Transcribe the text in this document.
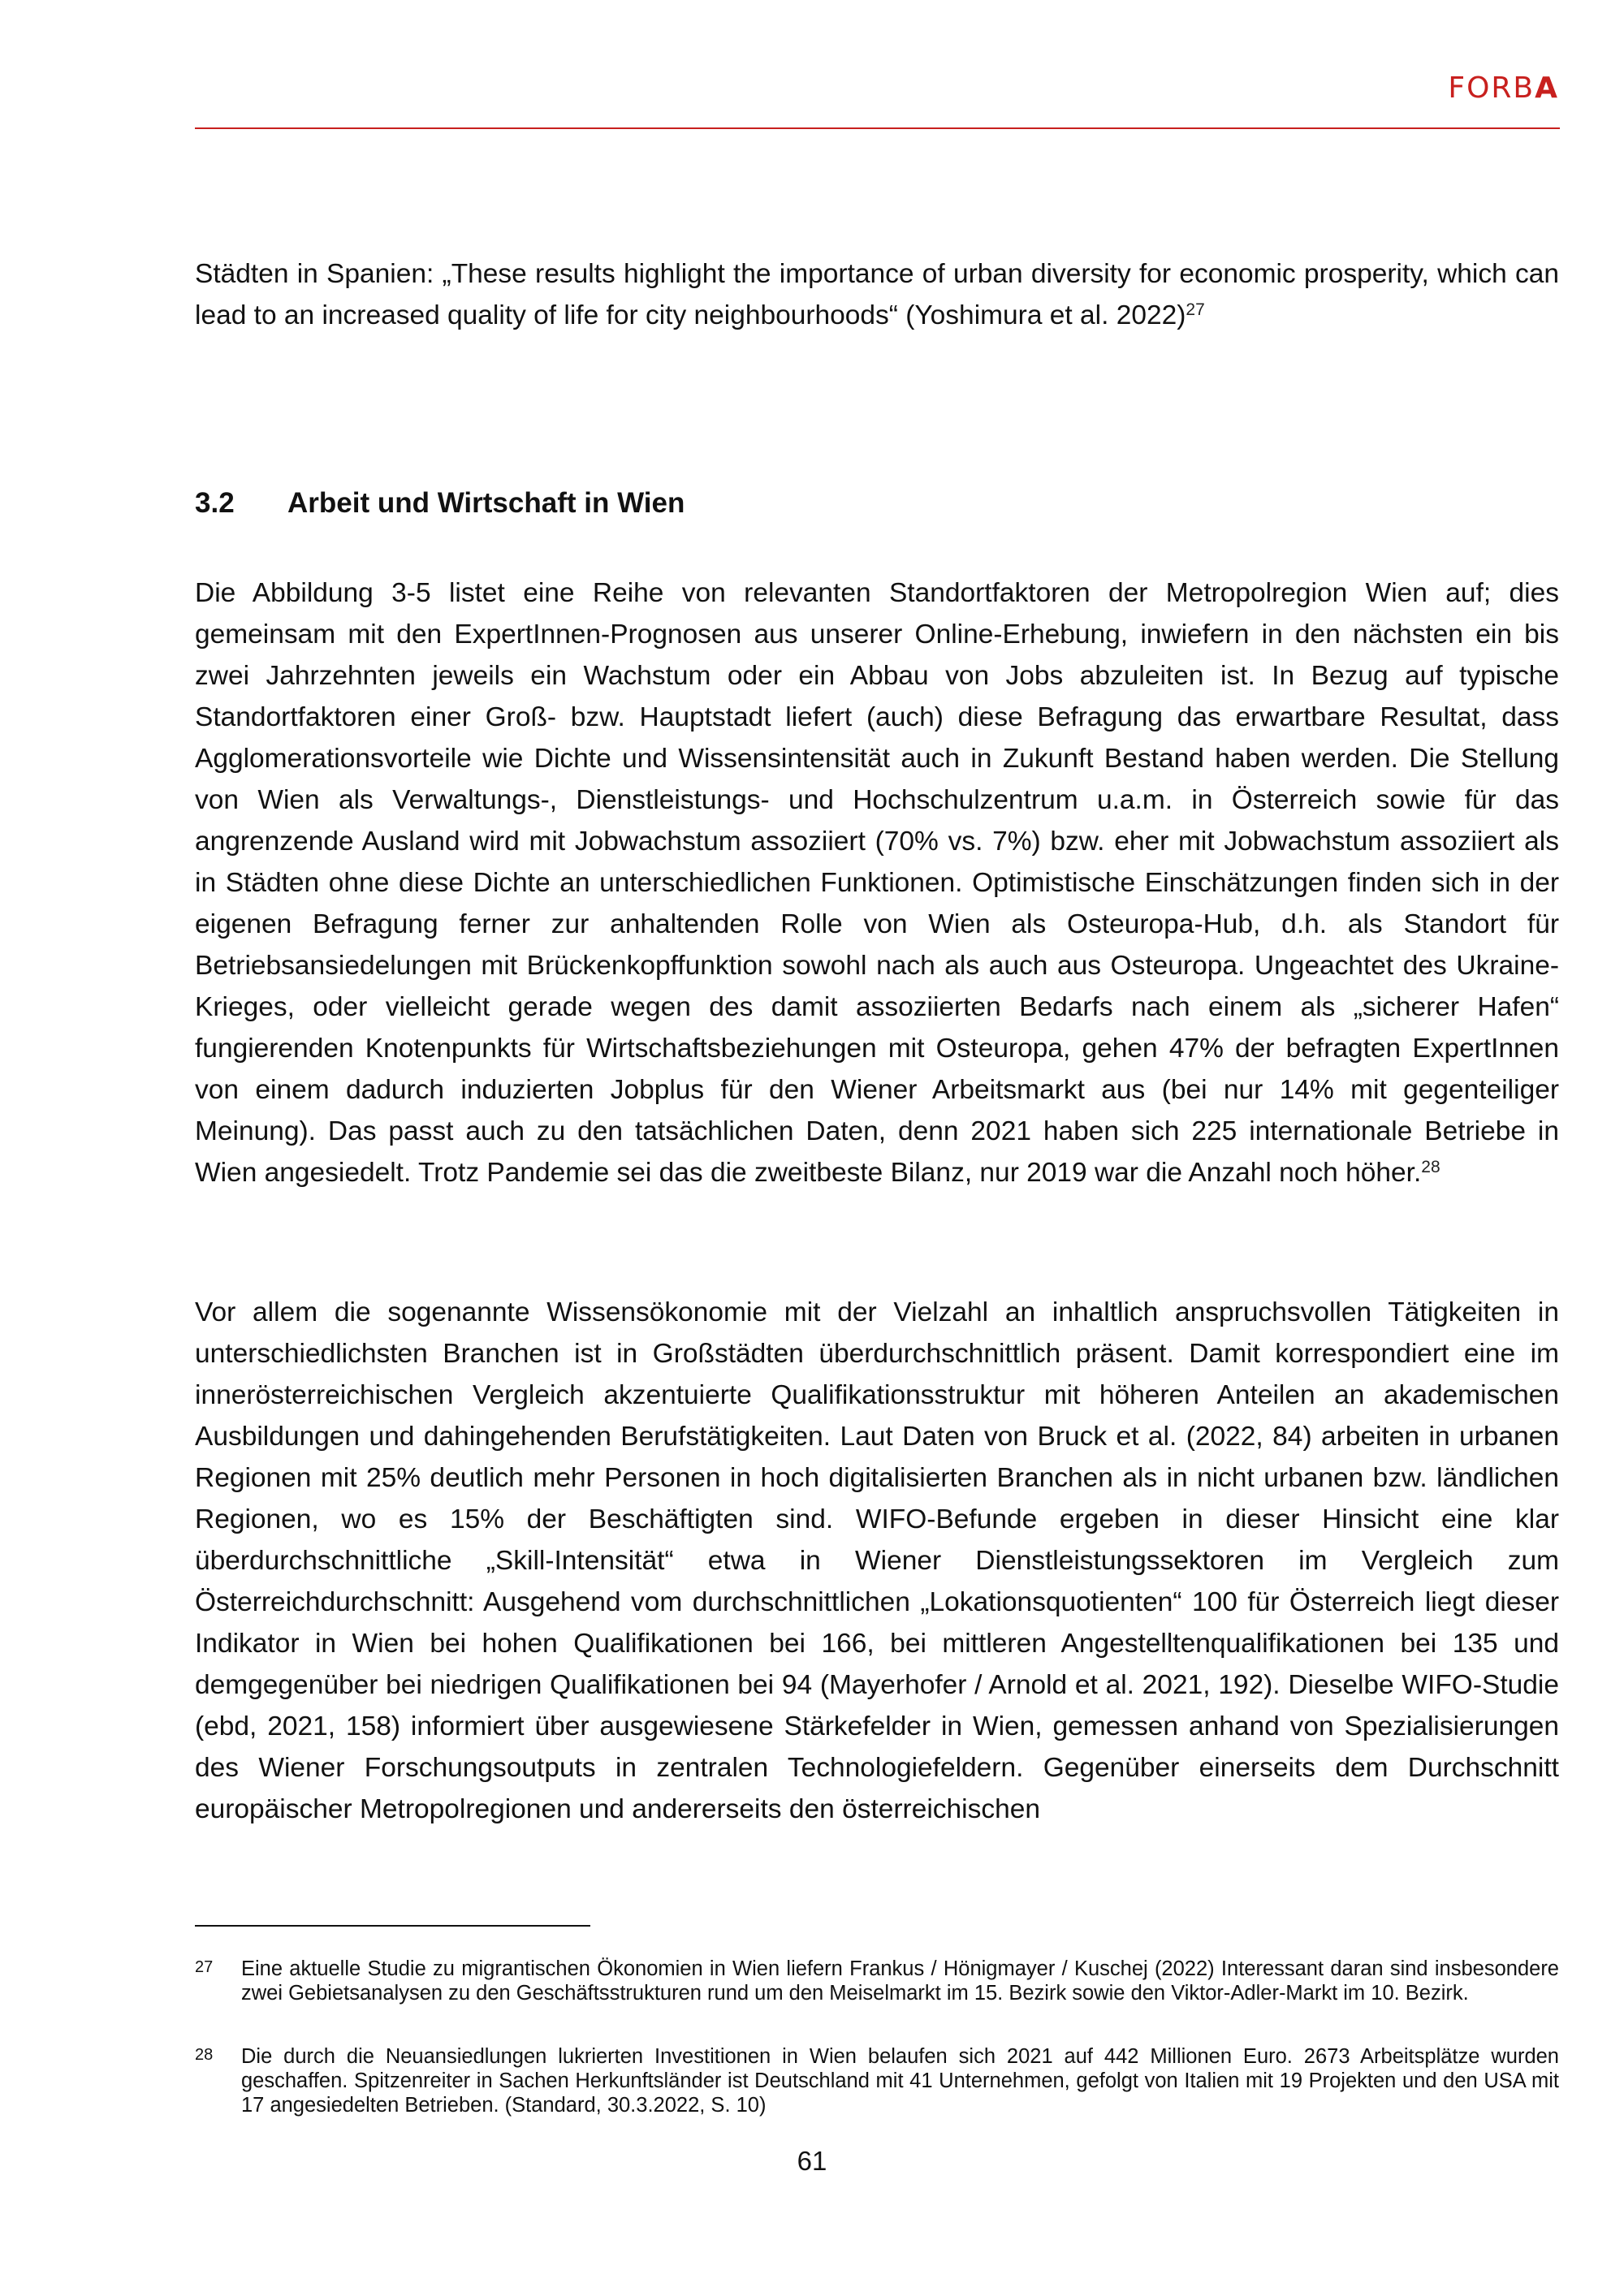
FORBA

Städten in Spanien: „These results highlight the importance of urban diversity for economic prosperity, which can lead to an increased quality of life for city neighbourhoods“ (Yoshimura et al. 2022)$^{27}$

3.2 Arbeit und Wirtschaft in Wien

Die Abbildung 3-5 listet eine Reihe von relevanten Standortfaktoren der Metropolregion Wien auf; dies gemeinsam mit den ExpertInnen-Prognosen aus unserer Online-Erhebung, inwiefern in den nächsten ein bis zwei Jahrzehnten jeweils ein Wachstum oder ein Abbau von Jobs abzuleiten ist. In Bezug auf typische Standortfaktoren einer Groß- bzw. Hauptstadt liefert (auch) diese Befragung das erwartbare Resultat, dass Agglomerationsvorteile wie Dichte und Wissensintensität auch in Zukunft Bestand haben werden. Die Stellung von Wien als Verwaltungs-, Dienstleistungs- und Hochschulzentrum u.a.m. in Österreich sowie für das angrenzende Ausland wird mit Jobwachstum assoziiert (70% vs. 7%) bzw. eher mit Jobwachstum assoziiert als in Städten ohne diese Dichte an unterschiedlichen Funktionen. Optimistische Einschätzungen finden sich in der eigenen Befragung ferner zur anhaltenden Rolle von Wien als Osteuropa-Hub, d.h. als Standort für Betriebsansiedelungen mit Brückenkopffunktion sowohl nach als auch aus Osteuropa. Ungeachtet des Ukraine-Krieges, oder vielleicht gerade wegen des damit assoziierten Bedarfs nach einem als „sicherer Hafen“ fungierenden Knotenpunkts für Wirtschaftsbeziehungen mit Osteuropa, gehen 47% der befragten ExpertInnen von einem dadurch induzierten Jobplus für den Wiener Arbeitsmarkt aus (bei nur 14% mit gegenteiliger Meinung). Das passt auch zu den tatsächlichen Daten, denn 2021 haben sich 225 internationale Betriebe in Wien angesiedelt. Trotz Pandemie sei das die zweitbeste Bilanz, nur 2019 war die Anzahl noch höher.$^{28}$

Vor allem die sogenannte Wissensökonomie mit der Vielzahl an inhaltlich anspruchsvollen Tätigkeiten in unterschiedlichsten Branchen ist in Großstädten überdurchschnittlich präsent. Damit korrespondiert eine im innerösterreichischen Vergleich akzentuierte Qualifikationsstruktur mit höheren Anteilen an akademischen Ausbildungen und dahingehenden Berufstätigkeiten. Laut Daten von Bruck et al. (2022, 84) arbeiten in urbanen Regionen mit 25% deutlich mehr Personen in hoch digitalisierten Branchen als in nicht urbanen bzw. ländlichen Regionen, wo es 15% der Beschäftigten sind. WIFO-Befunde ergeben in dieser Hinsicht eine klar überdurchschnittliche „Skill-Intensität“ etwa in Wiener Dienstleistungssektoren im Vergleich zum Österreichdurchschnitt: Ausgehend vom durchschnittlichen „Lokationsquotienten“ 100 für Österreich liegt dieser Indikator in Wien bei hohen Qualifikationen bei 166, bei mittleren Angestelltenqualifikationen bei 135 und demgegenüber bei niedrigen Qualifikationen bei 94 (Mayerhofer / Arnold et al. 2021, 192). Dieselbe WIFO-Studie (ebd, 2021, 158) informiert über ausgewiesene Stärkefelder in Wien, gemessen anhand von Spezialisierungen des Wiener Forschungsoutputs in zentralen Technologiefeldern. Gegenüber einerseits dem Durchschnitt europäischer Metropolregionen und andererseits den österreichischen

27 Eine aktuelle Studie zu migrantischen Ökonomien in Wien liefern Frankus / Hönigmayer / Kuschej (2022) Interessant daran sind insbesondere zwei Gebietsanalysen zu den Geschäftsstrukturen rund um den Meiselmarkt im 15. Bezirk sowie den Viktor-Adler-Markt im 10. Bezirk.
28 Die durch die Neuansiedlungen lukrierten Investitionen in Wien belaufen sich 2021 auf 442 Millionen Euro. 2673 Arbeitsplätze wurden geschaffen. Spitzenreiter in Sachen Herkunftsländer ist Deutschland mit 41 Unternehmen, gefolgt von Italien mit 19 Projekten und den USA mit 17 angesiedelten Betrieben. (Standard, 30.3.2022, S. 10)
61
